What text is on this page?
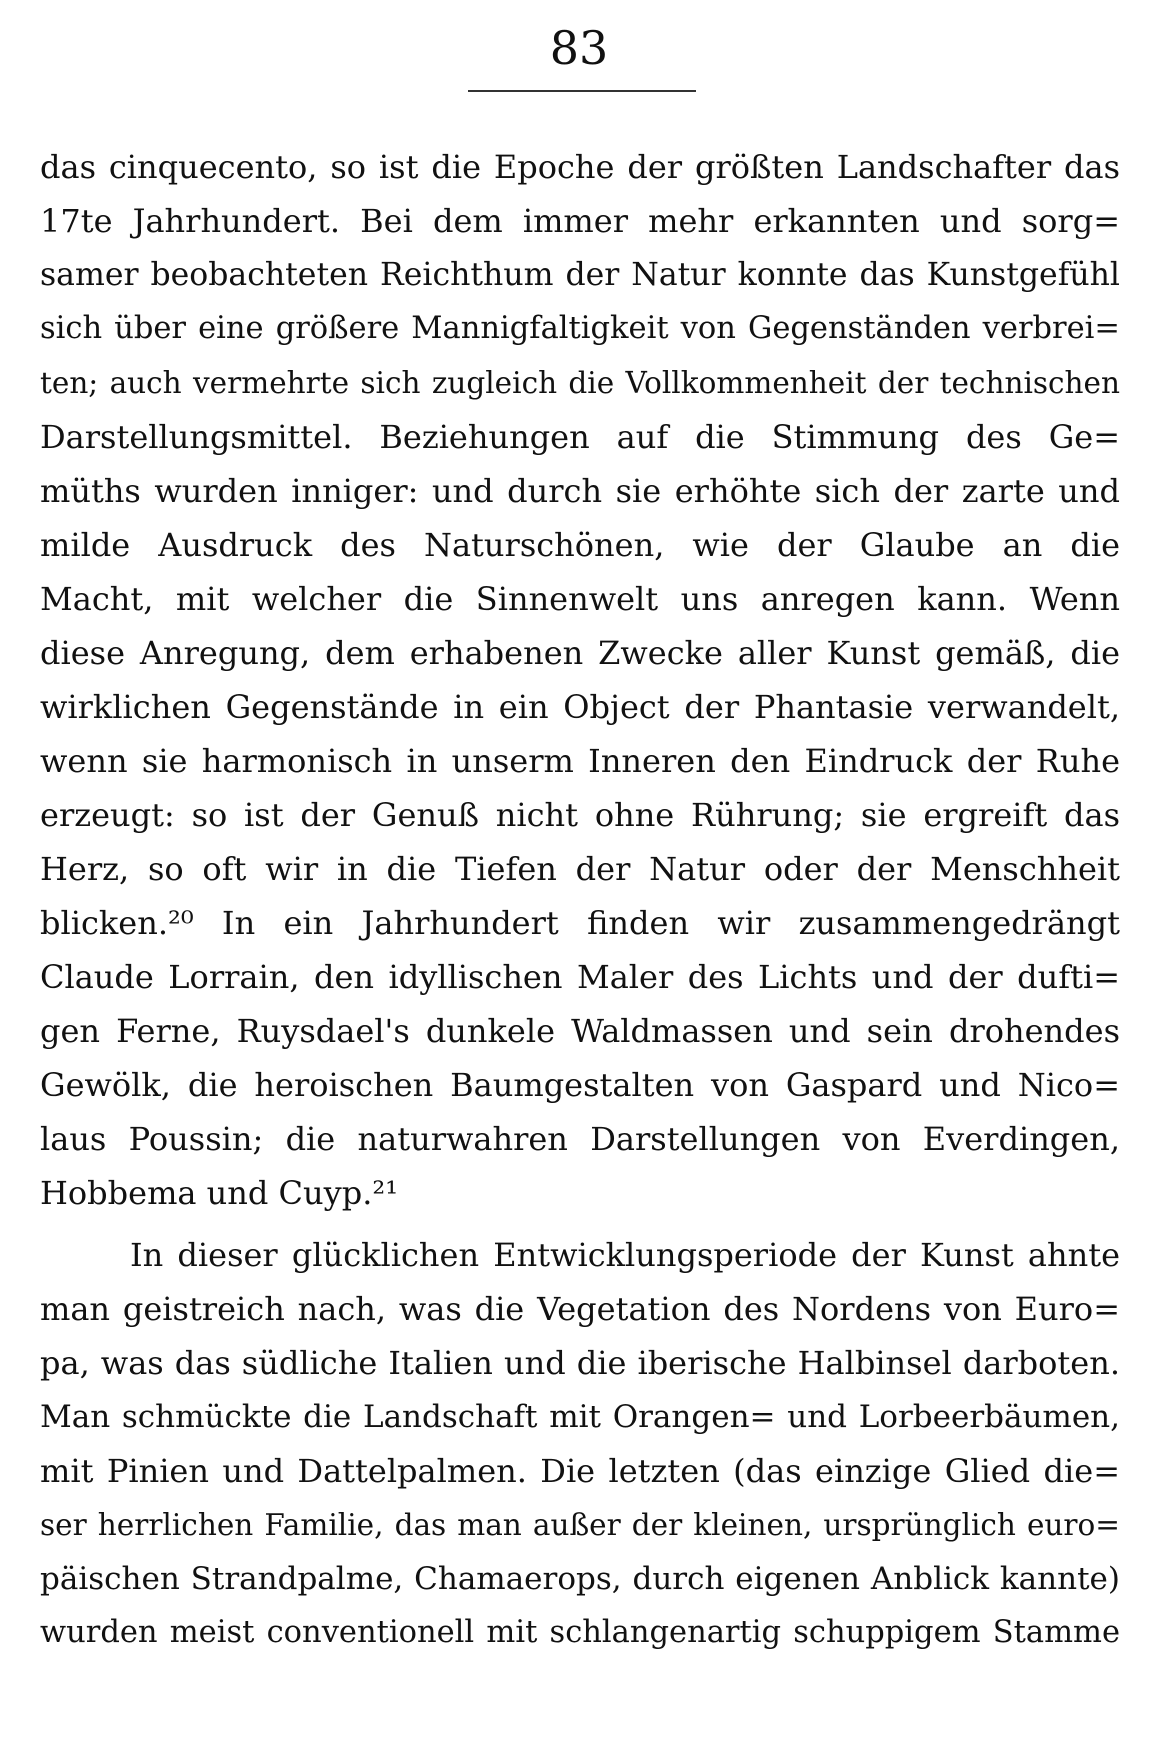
83
das cinquecento, so ist die Epoche der größten Landschafter das
17te Jahrhundert. Bei dem immer mehr erkannten und sorg=
samer beobachteten Reichthum der Natur konnte das Kunstgefühl
sich über eine größere Mannigfaltigkeit von Gegenständen verbrei=
ten; auch vermehrte sich zugleich die Vollkommenheit der technischen
Darstellungsmittel. Beziehungen auf die Stimmung des Ge=
müths wurden inniger: und durch sie erhöhte sich der zarte und
milde Ausdruck des Naturschönen, wie der Glaube an die
Macht, mit welcher die Sinnenwelt uns anregen kann. Wenn
diese Anregung, dem erhabenen Zwecke aller Kunst gemäß, die
wirklichen Gegenstände in ein Object der Phantasie verwandelt,
wenn sie harmonisch in unserm Inneren den Eindruck der Ruhe
erzeugt: so ist der Genuß nicht ohne Rührung; sie ergreift das
Herz, so oft wir in die Tiefen der Natur oder der Menschheit
blicken.²⁰ In ein Jahrhundert finden wir zusammengedrängt
Claude Lorrain, den idyllischen Maler des Lichts und der dufti=
gen Ferne, Ruysdael's dunkele Waldmassen und sein drohendes
Gewölk, die heroischen Baumgestalten von Gaspard und Nico=
laus Poussin; die naturwahren Darstellungen von Everdingen,
Hobbema und Cuyp.²¹
In dieser glücklichen Entwicklungsperiode der Kunst ahnte
man geistreich nach, was die Vegetation des Nordens von Euro=
pa, was das südliche Italien und die iberische Halbinsel darboten.
Man schmückte die Landschaft mit Orangen= und Lorbeerbäumen,
mit Pinien und Dattelpalmen. Die letzten (das einzige Glied die=
ser herrlichen Familie, das man außer der kleinen, ursprünglich euro=
päischen Strandpalme, Chamaerops, durch eigenen Anblick kannte)
wurden meist conventionell mit schlangenartig schuppigem Stamme
